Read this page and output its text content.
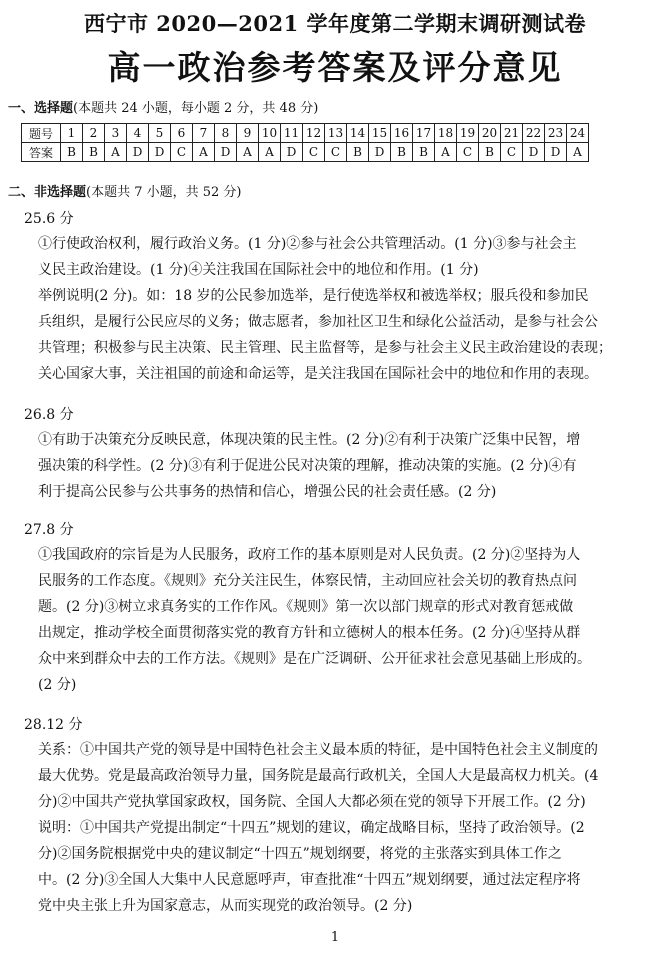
西宁市 2020—2021 学年度第二学期末调研测试卷
高一政治参考答案及评分意见
一、选择题(本题共 24 小题，每小题 2 分，共 48 分)
题号	1	2	3	4	5	6	7	8	9	10	11	12	13	14	15	16	17	18	19	20	21	22	23	24
答案	B	B	A	D	D	C	A	D	A	A	D	C	C	B	D	B	B	A	C	B	C	D	D	A
二、非选择题(本题共 7 小题，共 52 分)
25.6 分
①行使政治权利，履行政治义务。(1 分)②参与社会公共管理活动。(1 分)③参与社会主
义民主政治建设。(1 分)④关注我国在国际社会中的地位和作用。(1 分)
举例说明(2 分)。如：18 岁的公民参加选举，是行使选举权和被选举权；服兵役和参加民
兵组织，是履行公民应尽的义务；做志愿者，参加社区卫生和绿化公益活动，是参与社会公
共管理；积极参与民主决策、民主管理、民主监督等，是参与社会主义民主政治建设的表现；
关心国家大事，关注祖国的前途和命运等，是关注我国在国际社会中的地位和作用的表现。
26.8 分
①有助于决策充分反映民意，体现决策的民主性。(2 分)②有利于决策广泛集中民智，增
强决策的科学性。(2 分)③有利于促进公民对决策的理解，推动决策的实施。(2 分)④有
利于提高公民参与公共事务的热情和信心，增强公民的社会责任感。(2 分)
27.8 分
①我国政府的宗旨是为人民服务，政府工作的基本原则是对人民负责。(2 分)②坚持为人
民服务的工作态度。《规则》充分关注民生，体察民情，主动回应社会关切的教育热点问
题。(2 分)③树立求真务实的工作作风。《规则》第一次以部门规章的形式对教育惩戒做
出规定，推动学校全面贯彻落实党的教育方针和立德树人的根本任务。(2 分)④坚持从群
众中来到群众中去的工作方法。《规则》是在广泛调研、公开征求社会意见基础上形成的。
(2 分)
28.12 分
关系：①中国共产党的领导是中国特色社会主义最本质的特征，是中国特色社会主义制度的
最大优势。党是最高政治领导力量，国务院是最高行政机关，全国人大是最高权力机关。(4
分)②中国共产党执掌国家政权，国务院、全国人大都必须在党的领导下开展工作。(2 分)
说明：①中国共产党提出制定“十四五”规划的建议，确定战略目标，坚持了政治领导。(2
分)②国务院根据党中央的建议制定“十四五”规划纲要，将党的主张落实到具体工作之
中。(2 分)③全国人大集中人民意愿呼声，审查批准“十四五”规划纲要，通过法定程序将
党中央主张上升为国家意志，从而实现党的政治领导。(2 分)
1
